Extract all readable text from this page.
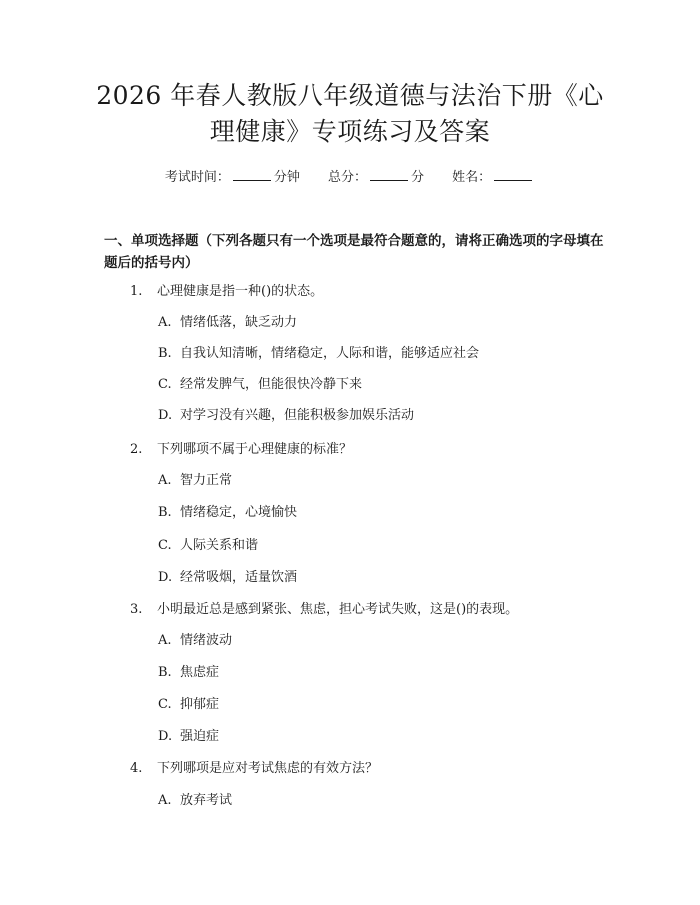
2026 年春人教版八年级道德与法治下册《心理健康》专项练习及答案
考试时间：	分钟 总分：	分 姓名：
一、单项选择题（下列各题只有一个选项是最符合题意的，请将正确选项的字母填在题后的括号内）
1. 心理健康是指一种()的状态。
A. 情绪低落，缺乏动力
B. 自我认知清晰，情绪稳定，人际和谐，能够适应社会
C. 经常发脾气，但能很快冷静下来
D. 对学习没有兴趣，但能积极参加娱乐活动
2. 下列哪项不属于心理健康的标准？
A. 智力正常
B. 情绪稳定，心境愉快
C. 人际关系和谐
D. 经常吸烟，适量饮酒
3. 小明最近总是感到紧张、焦虑，担心考试失败，这是()的表现。
A. 情绪波动
B. 焦虑症
C. 抑郁症
D. 强迫症
4. 下列哪项是应对考试焦虑的有效方法？
A. 放弃考试
